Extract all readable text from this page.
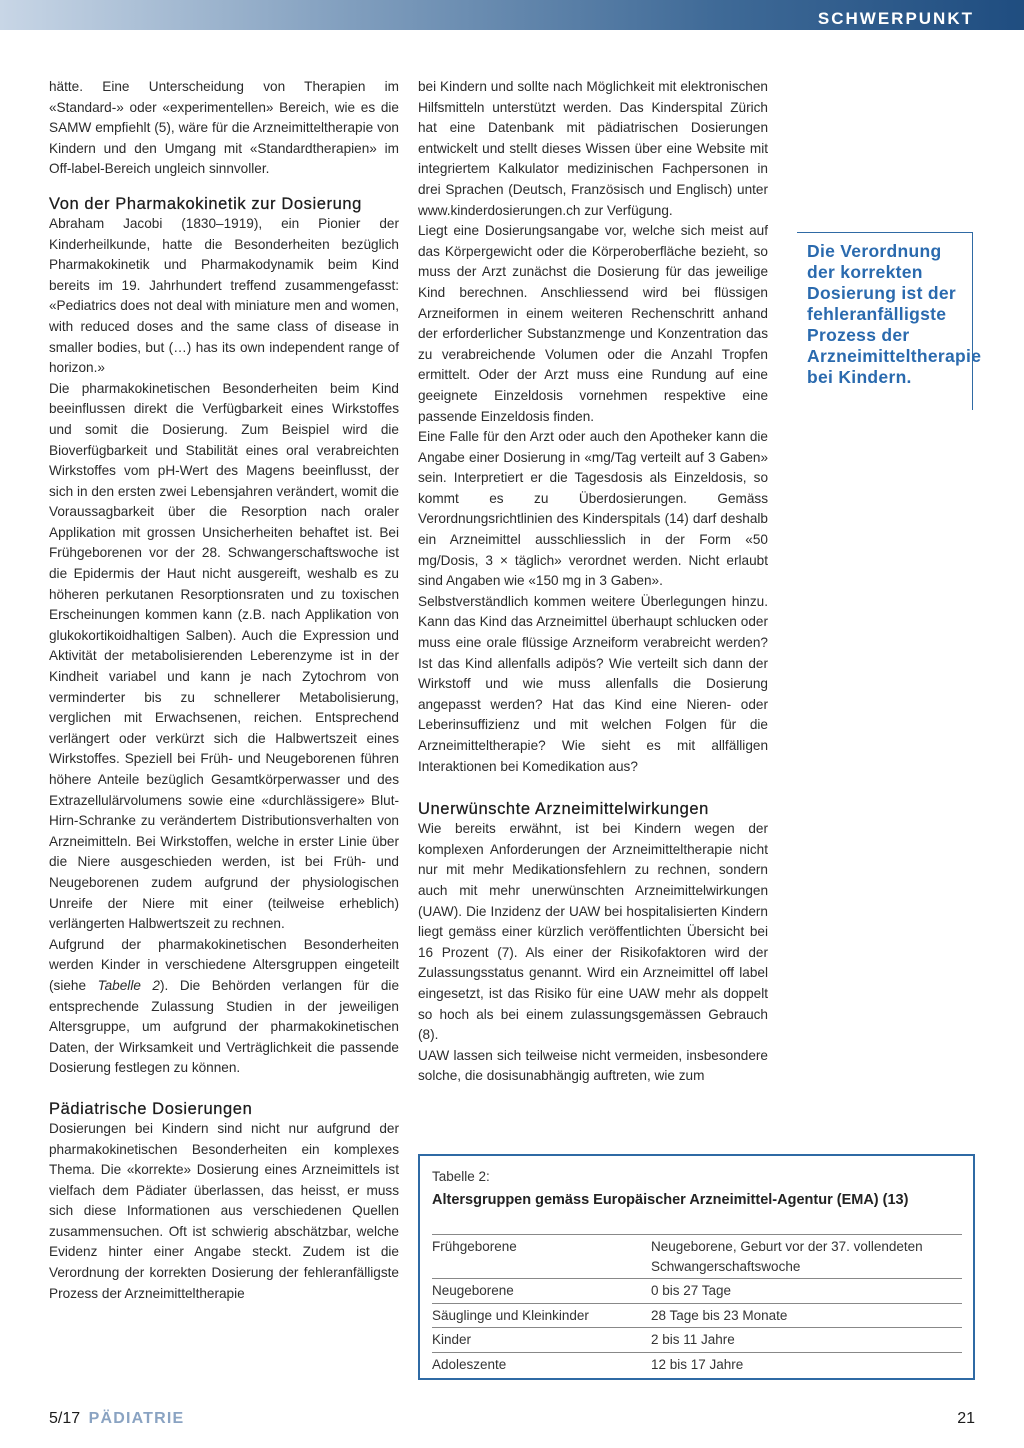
SCHWERPUNKT

hätte. Eine Unterscheidung von Therapien im «Standard-» oder «experimentellen» Bereich, wie es die SAMW empfiehlt (5), wäre für die Arzneimitteltherapie von Kindern und den Umgang mit «Standardtherapien» im Off-label-Bereich ungleich sinnvoller.

Von der Pharmakokinetik zur Dosierung

Abraham Jacobi (1830–1919), ein Pionier der Kinderheilkunde, hatte die Besonderheiten bezüglich Pharmakokinetik und Pharmakodynamik beim Kind bereits im 19. Jahrhundert treffend zusammengefasst: «Pediatrics does not deal with miniature men and women, with reduced doses and the same class of disease in smaller bodies, but (…) has its own independent range of horizon.»

Die pharmakokinetischen Besonderheiten beim Kind beeinflussen direkt die Verfügbarkeit eines Wirkstoffes und somit die Dosierung. Zum Beispiel wird die Bioverfügbarkeit und Stabilität eines oral verabreichten Wirkstoffes vom pH-Wert des Magens beeinflusst, der sich in den ersten zwei Lebensjahren verändert, womit die Voraussagbarkeit über die Resorption nach oraler Applikation mit grossen Unsicherheiten behaftet ist. Bei Frühgeborenen vor der 28. Schwangerschaftswoche ist die Epidermis der Haut nicht ausgereift, weshalb es zu höheren perkutanen Resorptionsraten und zu toxischen Erscheinungen kommen kann (z.B. nach Applikation von glukokortikoidhaltigen Salben). Auch die Expression und Aktivität der metabolisierenden Leberenzyme ist in der Kindheit variabel und kann je nach Zytochrom von verminderter bis zu schnellerer Metabolisierung, verglichen mit Erwachsenen, reichen. Entsprechend verlängert oder verkürzt sich die Halbwertszeit eines Wirkstoffes. Speziell bei Früh- und Neugeborenen führen höhere Anteile bezüglich Gesamtkörperwasser und des Extrazellulärvolumens sowie eine «durchlässigere» Blut-Hirn-Schranke zu verändertem Distributionsverhalten von Arzneimitteln. Bei Wirkstoffen, welche in erster Linie über die Niere ausgeschieden werden, ist bei Früh- und Neugeborenen zudem aufgrund der physiologischen Unreife der Niere mit einer (teilweise erheblich) verlängerten Halbwertszeit zu rechnen.

Aufgrund der pharmakokinetischen Besonderheiten werden Kinder in verschiedene Altersgruppen eingeteilt (siehe Tabelle 2). Die Behörden verlangen für die entsprechende Zulassung Studien in der jeweiligen Altersgruppe, um aufgrund der pharmakokinetischen Daten, der Wirksamkeit und Verträglichkeit die passende Dosierung festlegen zu können.

Pädiatrische Dosierungen

Dosierungen bei Kindern sind nicht nur aufgrund der pharmakokinetischen Besonderheiten ein komplexes Thema. Die «korrekte» Dosierung eines Arzneimittels ist vielfach dem Pädiater überlassen, das heisst, er muss sich diese Informationen aus verschiedenen Quellen zusammensuchen. Oft ist schwierig abschätzbar, welche Evidenz hinter einer Angabe steckt. Zudem ist die Verordnung der korrekten Dosierung der fehleranfälligste Prozess der Arzneimitteltherapie

bei Kindern und sollte nach Möglichkeit mit elektronischen Hilfsmitteln unterstützt werden. Das Kinderspital Zürich hat eine Datenbank mit pädiatrischen Dosierungen entwickelt und stellt dieses Wissen über eine Website mit integriertem Kalkulator medizinischen Fachpersonen in drei Sprachen (Deutsch, Französisch und Englisch) unter www.kinderdosierungen.ch zur Verfügung.

Liegt eine Dosierungsangabe vor, welche sich meist auf das Körpergewicht oder die Körperoberfläche bezieht, so muss der Arzt zunächst die Dosierung für das jeweilige Kind berechnen. Anschliessend wird bei flüssigen Arzneiformen in einem weiteren Rechenschritt anhand der erforderlicher Substanzmenge und Konzentration das zu verabreichende Volumen oder die Anzahl Tropfen ermittelt. Oder der Arzt muss eine Rundung auf eine geeignete Einzeldosis vornehmen respektive eine passende Einzeldosis finden.

Eine Falle für den Arzt oder auch den Apotheker kann die Angabe einer Dosierung in «mg/Tag verteilt auf 3 Gaben» sein. Interpretiert er die Tagesdosis als Einzeldosis, so kommt es zu Überdosierungen. Gemäss Verordnungsrichtlinien des Kinderspitals (14) darf deshalb ein Arzneimittel ausschliesslich in der Form «50 mg/Dosis, 3 × täglich» verordnet werden. Nicht erlaubt sind Angaben wie «150 mg in 3 Gaben».

Selbstverständlich kommen weitere Überlegungen hinzu. Kann das Kind das Arzneimittel überhaupt schlucken oder muss eine orale flüssige Arzneiform verabreicht werden? Ist das Kind allenfalls adipös? Wie verteilt sich dann der Wirkstoff und wie muss allenfalls die Dosierung angepasst werden? Hat das Kind eine Nieren- oder Leberinsuffizienz und mit welchen Folgen für die Arzneimitteltherapie? Wie sieht es mit allfälligen Interaktionen bei Komedikation aus?

Unerwünschte Arzneimittelwirkungen

Wie bereits erwähnt, ist bei Kindern wegen der komplexen Anforderungen der Arzneimitteltherapie nicht nur mit mehr Medikationsfehlern zu rechnen, sondern auch mit mehr unerwünschten Arzneimittelwirkungen (UAW). Die Inzidenz der UAW bei hospitalisierten Kindern liegt gemäss einer kürzlich veröffentlichten Übersicht bei 16 Prozent (7). Als einer der Risikofaktoren wird der Zulassungsstatus genannt. Wird ein Arzneimittel off label eingesetzt, ist das Risiko für eine UAW mehr als doppelt so hoch als bei einem zulassungsgemässen Gebrauch (8).

UAW lassen sich teilweise nicht vermeiden, insbesondere solche, die dosisunabhängig auftreten, wie zum

Die Verordnung der korrekten Dosierung ist der fehleranfälligste Prozess der Arzneimitteltherapie bei Kindern.
Tabelle 2:
Altersgruppen gemäss Europäischer Arzneimittel-Agentur (EMA) (13)
Frühgeborene	Neugeborene, Geburt vor der 37. vollendeten Schwangerschaftswoche
Neugeborene	0 bis 27 Tage
Säuglinge und Kleinkinder	28 Tage bis 23 Monate
Kinder	2 bis 11 Jahre
Adoleszente	12 bis 17 Jahre
5/17 PÄDIATRIE	21
